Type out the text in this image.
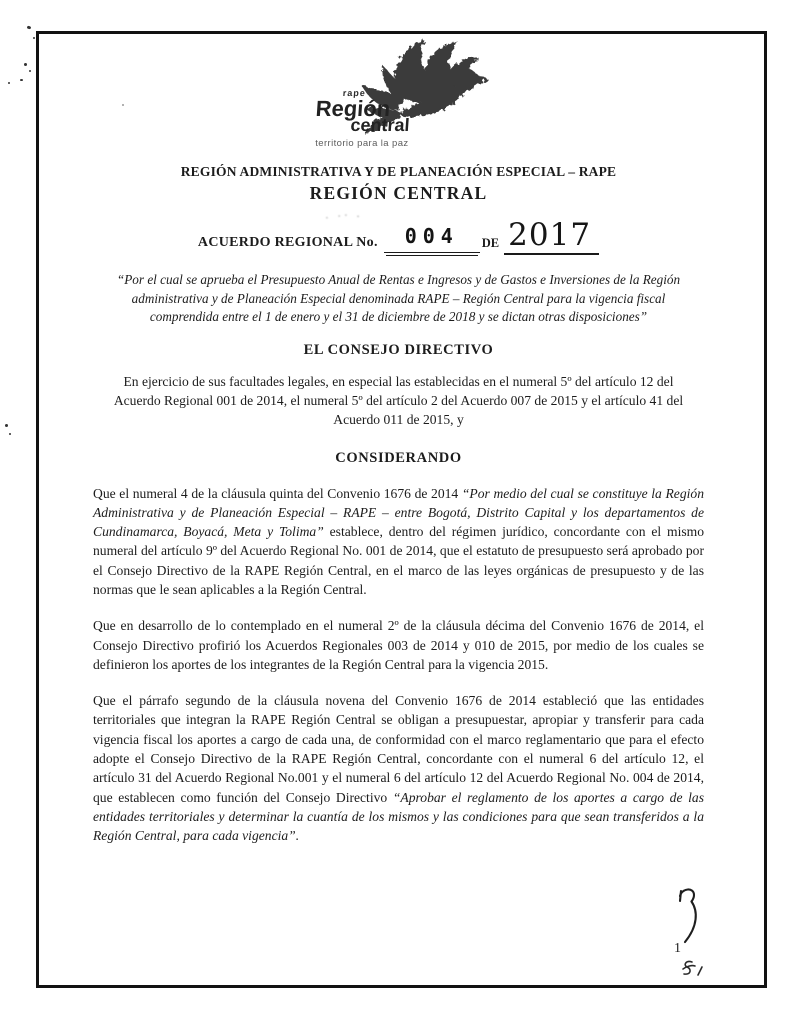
rape
Región
central
territorio para la paz
REGIÓN ADMINISTRATIVA Y DE PLANEACIÓN ESPECIAL – RAPE
REGIÓN CENTRAL
· ·· .
ACUERDO REGIONAL No.	004	DE 2017
“Por el cual se aprueba el Presupuesto Anual de Rentas e Ingresos y de Gastos e Inversiones de la Región administrativa y de Planeación Especial denominada RAPE – Región Central para la vigencia fiscal comprendida entre el 1 de enero y el 31 de diciembre de 2018 y se dictan otras disposiciones”
EL CONSEJO DIRECTIVO
En ejercicio de sus facultades legales, en especial las establecidas en el numeral 5º del artículo 12 del Acuerdo Regional 001 de 2014, el numeral 5º del artículo 2 del Acuerdo 007 de 2015 y el artículo 41 del Acuerdo 011 de 2015, y
CONSIDERANDO

Que el numeral 4 de la cláusula quinta del Convenio 1676 de 2014 “Por medio del cual se constituye la Región Administrativa y de Planeación Especial – RAPE – entre Bogotá, Distrito Capital y los departamentos de Cundinamarca, Boyacá, Meta y Tolima” establece, dentro del régimen jurídico, concordante con el mismo numeral del artículo 9º del Acuerdo Regional No. 001 de 2014, que el estatuto de presupuesto será aprobado por el Consejo Directivo de la RAPE Región Central, en el marco de las leyes orgánicas de presupuesto y de las normas que le sean aplicables a la Región Central.

Que en desarrollo de lo contemplado en el numeral 2º de la cláusula décima del Convenio 1676 de 2014, el Consejo Directivo profirió los Acuerdos Regionales 003 de 2014 y 010 de 2015, por medio de los cuales se definieron los aportes de los integrantes de la Región Central para la vigencia 2015.

Que el párrafo segundo de la cláusula novena del Convenio 1676 de 2014 estableció que las entidades territoriales que integran la RAPE Región Central se obligan a presupuestar, apropiar y transferir para cada vigencia fiscal los aportes a cargo de cada una, de conformidad con el marco reglamentario que para el efecto adopte el Consejo Directivo de la RAPE Región Central, concordante con el numeral 6 del artículo 12, el artículo 31 del Acuerdo Regional No.001 y el numeral 6 del artículo 12 del Acuerdo Regional No. 004 de 2014, que establecen como función del Consejo Directivo “Aprobar el reglamento de los aportes a cargo de las entidades territoriales y determinar la cuantía de los mismos y las condiciones para que sean transferidos a la Región Central, para cada vigencia”.

1
